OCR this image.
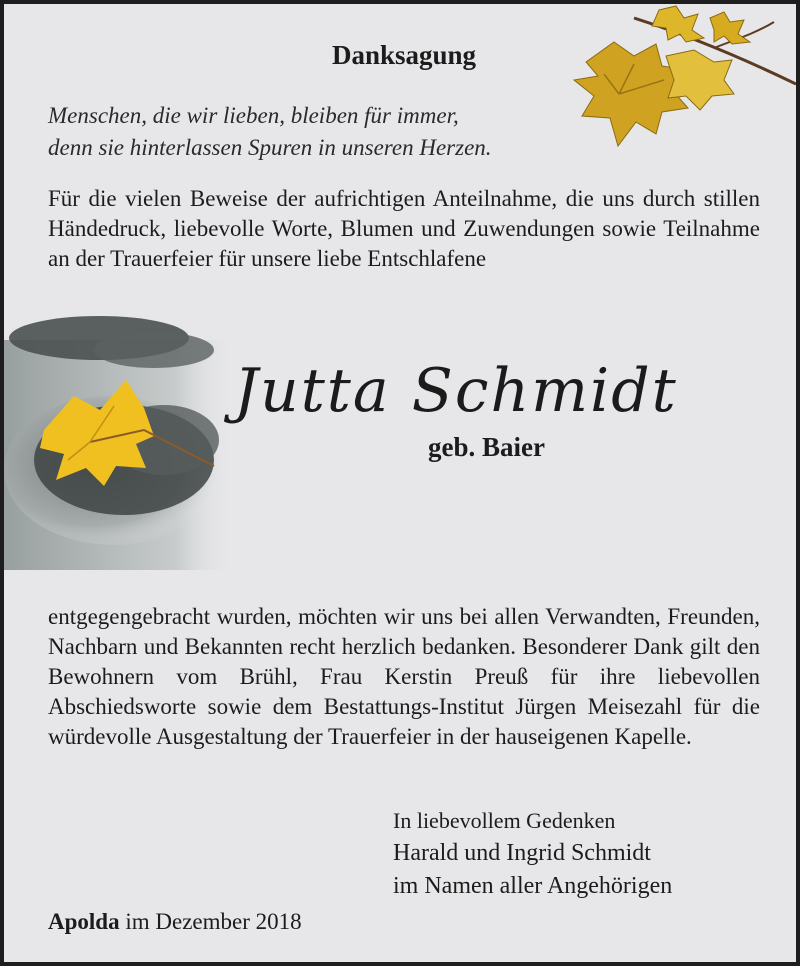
Danksagung

Menschen, die wir lieben, bleiben für immer,
denn sie hinterlassen Spuren in unseren Herzen.

Für die vielen Beweise der aufrichtigen Anteilnahme, die uns durch stillen Händedruck, liebevolle Worte, Blumen und Zuwendungen sowie Teilnahme an der Trauerfeier für unsere liebe Entschlafene

Jutta Schmidt

geb. Baier

entgegengebracht wurden, möchten wir uns bei allen Verwandten, Freunden, Nachbarn und Bekannten recht herzlich bedanken. Besonderer Dank gilt den Bewohnern vom Brühl, Frau Kerstin Preuß für ihre liebevollen Abschiedsworte sowie dem Bestattungs-Institut Jürgen Meisezahl für die würdevolle Ausgestaltung der Trauerfeier in der hauseigenen Kapelle.

In liebevollem Gedenken
Harald und Ingrid Schmidt
im Namen aller Angehörigen

Apolda im Dezember 2018
